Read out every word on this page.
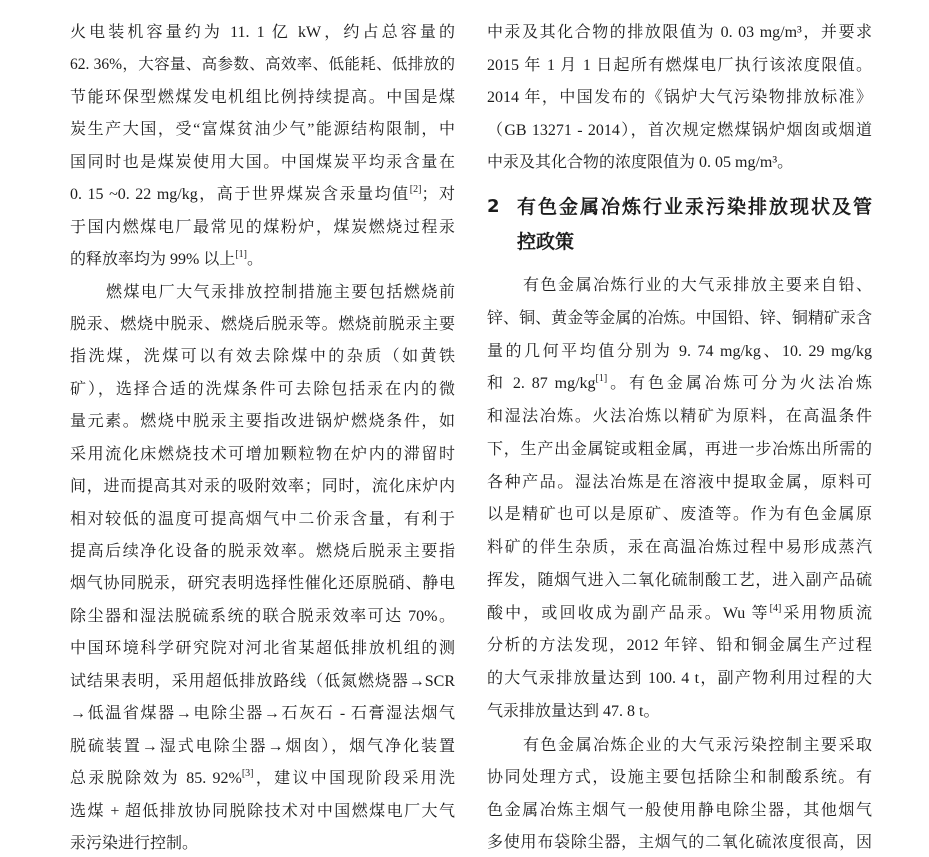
火电装机容量约为 11. 1 亿 kW，约占总容量的
62. 36%，大容量、高参数、高效率、低能耗、低排放的
节能环保型燃煤发电机组比例持续提高。中国是煤
炭生产大国，受“富煤贫油少气”能源结构限制，中
国同时也是煤炭使用大国。中国煤炭平均汞含量在
0. 15 ~0. 22 mg/kg，高于世界煤炭含汞量均值[2]；对
于国内燃煤电厂最常见的煤粉炉，煤炭燃烧过程汞
的释放率均为 99% 以上[1]。
燃煤电厂大气汞排放控制措施主要包括燃烧前
脱汞、燃烧中脱汞、燃烧后脱汞等。燃烧前脱汞主要
指洗煤，洗煤可以有效去除煤中的杂质（如黄铁
矿），选择合适的洗煤条件可去除包括汞在内的微
量元素。燃烧中脱汞主要指改进锅炉燃烧条件，如
采用流化床燃烧技术可增加颗粒物在炉内的滞留时
间，进而提高其对汞的吸附效率；同时，流化床炉内
相对较低的温度可提高烟气中二价汞含量，有利于
提高后续净化设备的脱汞效率。燃烧后脱汞主要指
烟气协同脱汞，研究表明选择性催化还原脱硝、静电
除尘器和湿法脱硫系统的联合脱汞效率可达 70%。
中国环境科学研究院对河北省某超低排放机组的测
试结果表明，采用超低排放路线（低氮燃烧器→SCR
→低温省煤器→电除尘器→石灰石 - 石膏湿法烟气
脱硫装置→湿式电除尘器→烟囱），烟气净化装置
总汞脱除效为 85. 92%[3]，建议中国现阶段采用洗
选煤 + 超低排放协同脱除技术对中国燃煤电厂大气
汞污染进行控制。
中汞及其化合物的排放限值为 0. 03 mg/m³，并要求
2015 年 1 月 1 日起所有燃煤电厂执行该浓度限值。
2014 年，中国发布的《锅炉大气污染物排放标准》
（GB 13271 - 2014），首次规定燃煤锅炉烟囱或烟道
中汞及其化合物的浓度限值为 0. 05 mg/m³。
2 有色金属冶炼行业汞污染排放现状及管
控政策
有色金属冶炼行业的大气汞排放主要来自铅、
锌、铜、黄金等金属的冶炼。中国铅、锌、铜精矿汞含
量的几何平均值分别为 9. 74 mg/kg、10. 29 mg/kg
和 2. 87 mg/kg[1]。有色金属冶炼可分为火法冶炼
和湿法冶炼。火法冶炼以精矿为原料，在高温条件
下，生产出金属锭或粗金属，再进一步冶炼出所需的
各种产品。湿法冶炼是在溶液中提取金属，原料可
以是精矿也可以是原矿、废渣等。作为有色金属原
料矿的伴生杂质，汞在高温冶炼过程中易形成蒸汽
挥发，随烟气进入二氧化硫制酸工艺，进入副产品硫
酸中，或回收成为副产品汞。Wu 等[4]采用物质流
分析的方法发现，2012 年锌、铅和铜金属生产过程
的大气汞排放量达到 100. 4 t，副产物利用过程的大
气汞排放量达到 47. 8 t。
有色金属冶炼企业的大气汞污染控制主要采取
协同处理方式，设施主要包括除尘和制酸系统。有
色金属冶炼主烟气一般使用静电除尘器，其他烟气
多使用布袋除尘器，主烟气的二氧化硫浓度很高，因
